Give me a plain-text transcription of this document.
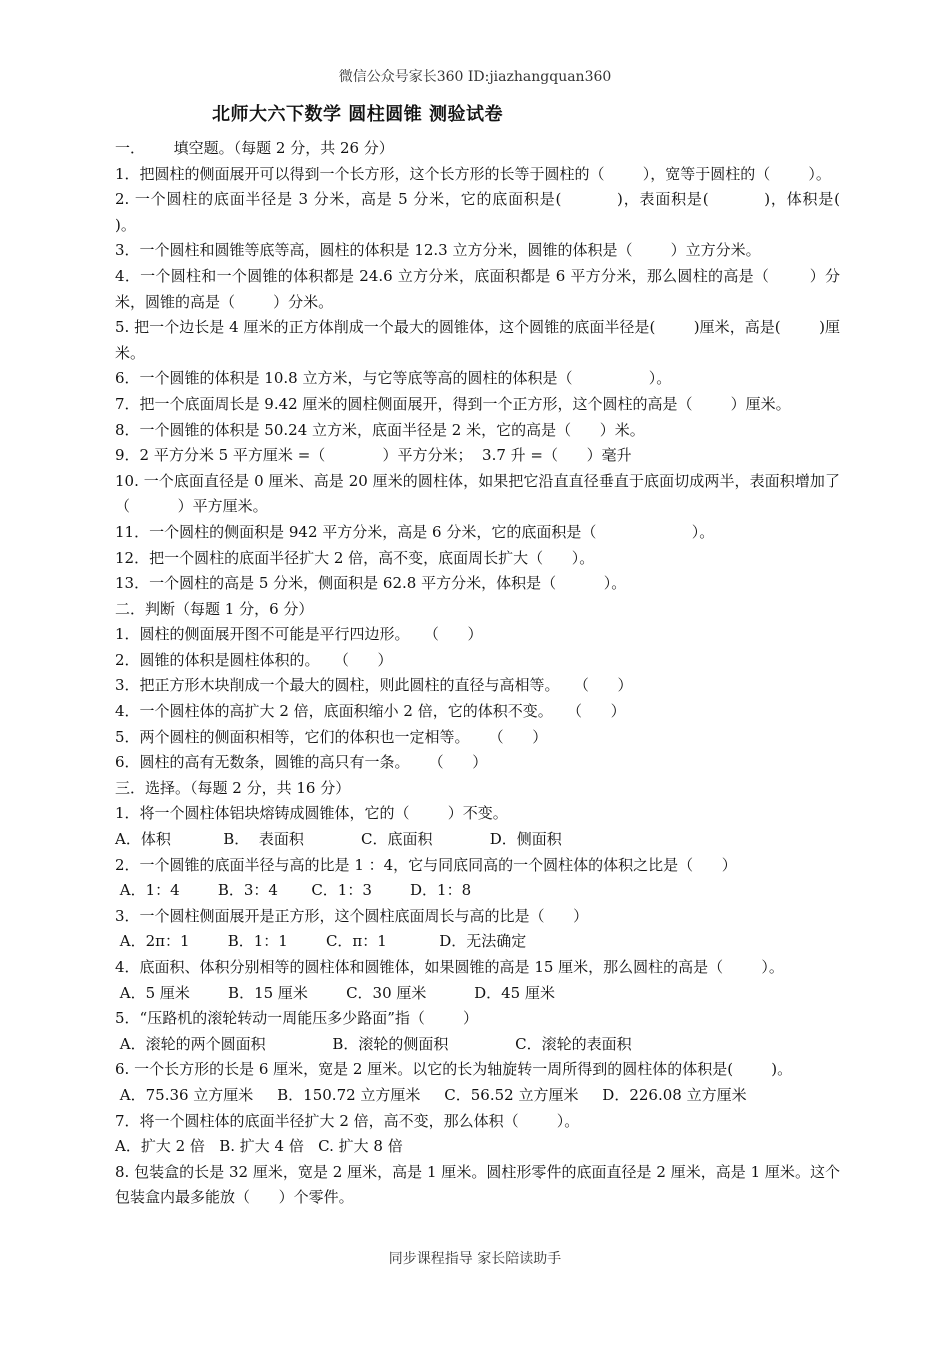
微信公众号家长360 ID:jiazhangquan360
北师大六下数学 圆柱圆锥 测验试卷
一．      填空题。（每题 2 分，共 26 分）
1．把圆柱的侧面展开可以得到一个长方形，这个长方形的长等于圆柱的（        ），宽等于圆柱的（        ）。
2. 一个圆柱的底面半径是 3 分米，高是 5 分米，它的底面积是(          )，表面积是(          )，体积是(          )。
3．一个圆柱和圆锥等底等高，圆柱的体积是 12.3 立方分米，圆锥的体积是（        ）立方分米。
4．一个圆柱和一个圆锥的体积都是 24.6 立方分米，底面积都是 6 平方分米，那么圆柱的高是（        ）分米，圆锥的高是（        ）分米。
5. 把一个边长是 4 厘米的正方体削成一个最大的圆锥体，这个圆锥的底面半径是(        )厘米，高是(        )厘米。
6．一个圆锥的体积是 10.8 立方米，与它等底等高的圆柱的体积是（                ）。
7．把一个底面周长是 9.42 厘米的圆柱侧面展开，得到一个正方形，这个圆柱的高是（        ）厘米。
8．一个圆锥的体积是 50.24 立方米，底面半径是 2 米，它的高是（      ）米。
9．2 平方分米 5 平方厘米 =（            ）平方分米；  3.7 升 =（      ）毫升
10. 一个底面直径是 0 厘米、高是 20 厘米的圆柱体，如果把它沿直直径垂直于底面切成两半，表面积增加了（          ）平方厘米。
11．一个圆柱的侧面积是 942 平方分米，高是 6 分米，它的底面积是（                    ）。
12．把一个圆柱的底面半径扩大 2 倍，高不变，底面周长扩大（      ）。
13．一个圆柱的高是 5 分米，侧面积是 62.8 平方分米，体积是（          ）。
二．判断（每题 1 分，6 分）
1．圆柱的侧面展开图不可能是平行四边形。   （      ）
2．圆锥的体积是圆柱体积的。   （      ）
3．把正方形木块削成一个最大的圆柱，则此圆柱的直径与高相等。   （      ）
4．一个圆柱体的高扩大 2 倍，底面积缩小 2 倍，它的体积不变。   （      ）
5．两个圆柱的侧面积相等，它们的体积也一定相等。    （      ）
6．圆柱的高有无数条，圆锥的高只有一条。    （      ）
三．选择。（每题 2 分，共 16 分）
1．将一个圆柱体铝块熔铸成圆锥体，它的（        ）不变。
A．体积           B．  表面积            C．底面积            D．侧面积
2．一个圆锥的底面半径与高的比是 1 ：4，它与同底同高的一个圆柱体的体积之比是（      ）
A．1：4        B．3：4       C．1：3        D．1：8
3．一个圆柱侧面展开是正方形，这个圆柱底面周长与高的比是（      ）
A．2π：1        B．1：1        C．π：1           D．无法确定
4．底面积、体积分别相等的圆柱体和圆锥体，如果圆锥的高是 15 厘米，那么圆柱的高是（        ）。
A．5 厘米        B．15 厘米        C．30 厘米          D．45 厘米
5．“压路机的滚轮转动一周能压多少路面”指（        ）
A．滚轮的两个圆面积              B．滚轮的侧面积              C．滚轮的表面积
6. 一个长方形的长是 6 厘米，宽是 2 厘米。以它的长为轴旋转一周所得到的圆柱体的体积是(        )。
A．75.36 立方厘米     B．150.72 立方厘米     C．56.52 立方厘米     D．226.08 立方厘米
7．将一个圆柱体的底面半径扩大 2 倍，高不变，那么体积（        ）。
A．扩大 2 倍   B. 扩大 4 倍   C. 扩大 8 倍
8. 包装盒的长是 32 厘米，宽是 2 厘米，高是 1 厘米。圆柱形零件的底面直径是 2 厘米，高是 1 厘米。这个包装盒内最多能放（      ）个零件。
同步课程指导 家长陪读助手
